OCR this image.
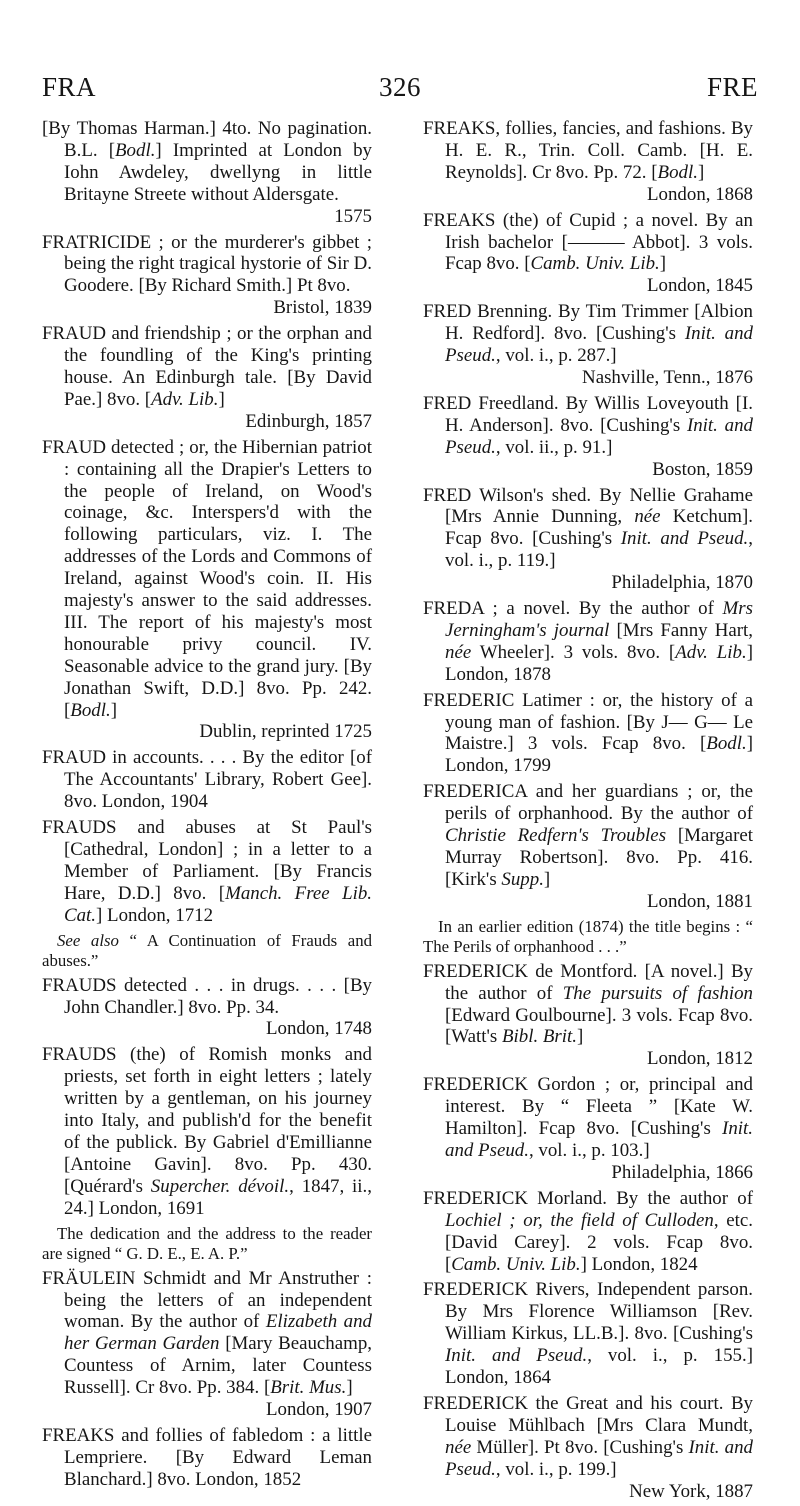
FRA	326	FRE

[By Thomas Harman.] 4to. No pagination. B.L. [Bodl.] Imprinted at London by Iohn Awdeley, dwellyng in little Britayne Streete without Aldersgate.
1575

FRATRICIDE ; or the murderer's gibbet ; being the right tragical hystorie of Sir D. Goodere. [By Richard Smith.] Pt 8vo.
Bristol, 1839

FRAUD and friendship ; or the orphan and the foundling of the King's printing house. An Edinburgh tale. [By David Pae.] 8vo. [Adv. Lib.]
Edinburgh, 1857

FRAUD detected ; or, the Hibernian patriot : containing all the Drapier's Letters to the people of Ireland, on Wood's coinage, &c. Interspers'd with the following particulars, viz. I. The addresses of the Lords and Commons of Ireland, against Wood's coin. II. His majesty's answer to the said addresses. III. The report of his majesty's most honourable privy council. IV. Seasonable advice to the grand jury. [By Jonathan Swift, D.D.] 8vo. Pp. 242. [Bodl.]
Dublin, reprinted 1725

FRAUD in accounts. . . . By the editor [of The Accountants' Library, Robert Gee]. 8vo. London, 1904

FRAUDS and abuses at St Paul's [Cathedral, London] ; in a letter to a Member of Parliament. [By Francis Hare, D.D.] 8vo. [Manch. Free Lib. Cat.] London, 1712

See also “ A Continuation of Frauds and abuses.”

FRAUDS detected . . . in drugs. . . . [By John Chandler.] 8vo. Pp. 34.
London, 1748

FRAUDS (the) of Romish monks and priests, set forth in eight letters ; lately written by a gentleman, on his journey into Italy, and publish'd for the benefit of the publick. By Gabriel d'Emillianne [Antoine Gavin]. 8vo. Pp. 430. [Quérard's Supercher. dévoil., 1847, ii., 24.] London, 1691

The dedication and the address to the reader are signed “ G. D. E., E. A. P.”

FRÄULEIN Schmidt and Mr Anstruther : being the letters of an independent woman. By the author of Elizabeth and her German Garden [Mary Beauchamp, Countess of Arnim, later Countess Russell]. Cr 8vo. Pp. 384. [Brit. Mus.]
London, 1907

FREAKS and follies of fabledom : a little Lempriere. [By Edward Leman Blanchard.] 8vo. London, 1852

FREAKS, follies, fancies, and fashions. By H. E. R., Trin. Coll. Camb. [H. E. Reynolds]. Cr 8vo. Pp. 72. [Bodl.]
London, 1868

FREAKS (the) of Cupid ; a novel. By an Irish bachelor [——— Abbot]. 3 vols. Fcap 8vo. [Camb. Univ. Lib.]
London, 1845

FRED Brenning. By Tim Trimmer [Albion H. Redford]. 8vo. [Cushing's Init. and Pseud., vol. i., p. 287.]
Nashville, Tenn., 1876

FRED Freedland. By Willis Loveyouth [I. H. Anderson]. 8vo. [Cushing's Init. and Pseud., vol. ii., p. 91.]
Boston, 1859

FRED Wilson's shed. By Nellie Grahame [Mrs Annie Dunning, née Ketchum]. Fcap 8vo. [Cushing's Init. and Pseud., vol. i., p. 119.]
Philadelphia, 1870

FREDA ; a novel. By the author of Mrs Jerningham's journal [Mrs Fanny Hart, née Wheeler]. 3 vols. 8vo. [Adv. Lib.] London, 1878

FREDERIC Latimer : or, the history of a young man of fashion. [By J— G— Le Maistre.] 3 vols. Fcap 8vo. [Bodl.] London, 1799

FREDERICA and her guardians ; or, the perils of orphanhood. By the author of Christie Redfern's Troubles [Margaret Murray Robertson]. 8vo. Pp. 416. [Kirk's Supp.]
London, 1881

In an earlier edition (1874) the title begins : “ The Perils of orphanhood . . .”

FREDERICK de Montford. [A novel.] By the author of The pursuits of fashion [Edward Goulbourne]. 3 vols. Fcap 8vo. [Watt's Bibl. Brit.]
London, 1812

FREDERICK Gordon ; or, principal and interest. By “ Fleeta ” [Kate W. Hamilton]. Fcap 8vo. [Cushing's Init. and Pseud., vol. i., p. 103.]
Philadelphia, 1866

FREDERICK Morland. By the author of Lochiel ; or, the field of Culloden, etc. [David Carey]. 2 vols. Fcap 8vo. [Camb. Univ. Lib.] London, 1824

FREDERICK Rivers, Independent parson. By Mrs Florence Williamson [Rev. William Kirkus, LL.B.]. 8vo. [Cushing's Init. and Pseud., vol. i., p. 155.] London, 1864

FREDERICK the Great and his court. By Louise Mühlbach [Mrs Clara Mundt, née Müller]. Pt 8vo. [Cushing's Init. and Pseud., vol. i., p. 199.]
New York, 1887
